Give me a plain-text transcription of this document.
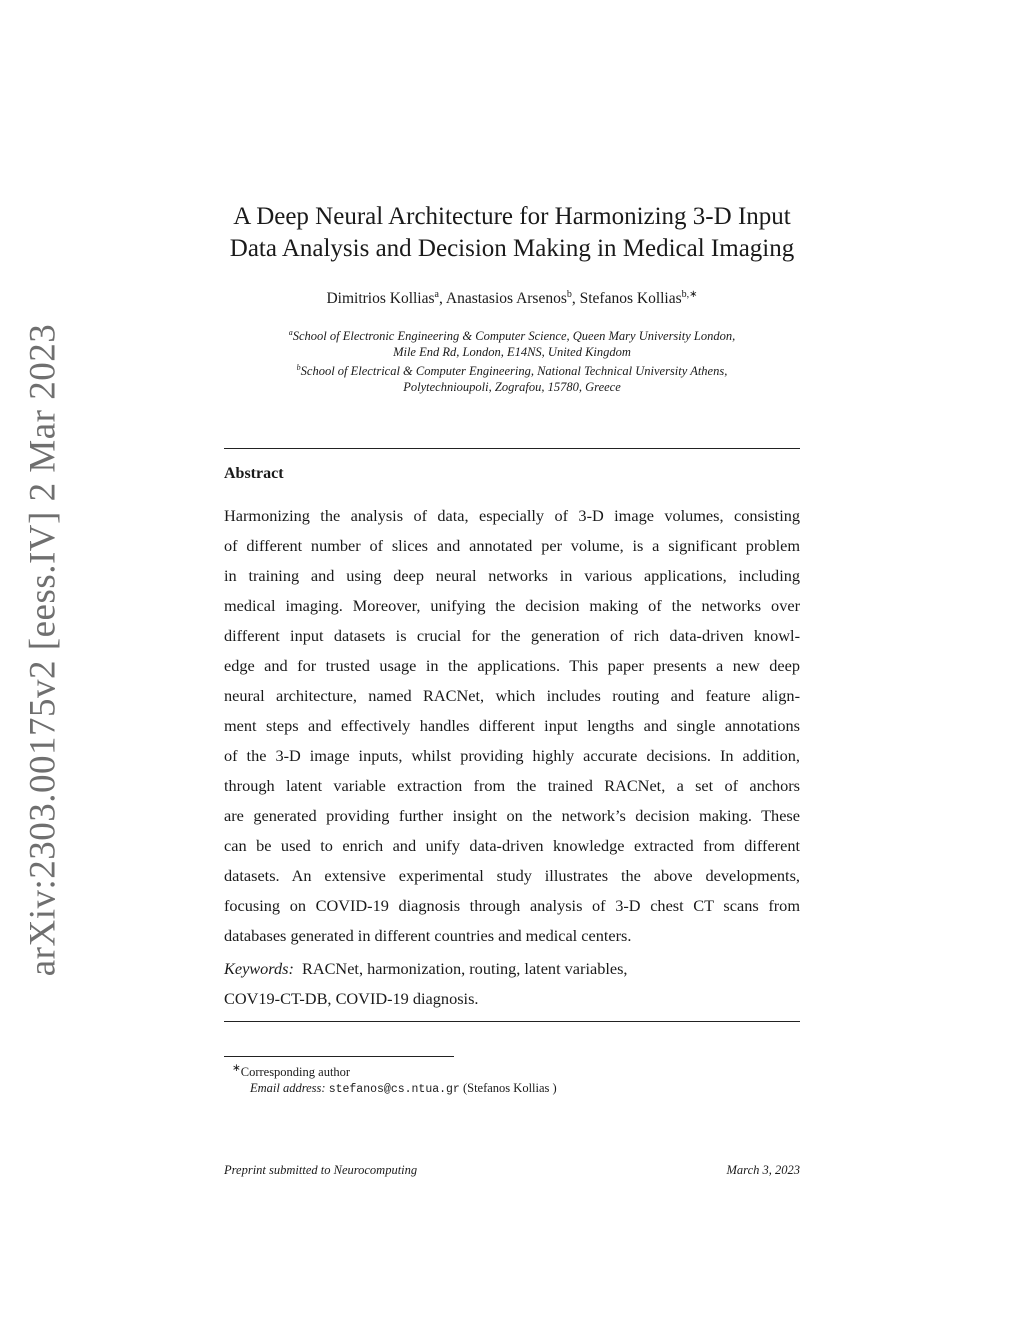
arXiv:2303.00175v2 [eess.IV] 2 Mar 2023
A Deep Neural Architecture for Harmonizing 3-D Input
Data Analysis and Decision Making in Medical Imaging
Dimitrios Kollias$^a$, Anastasios Arsenos$^b$, Stefanos Kollias$^{b,∗}$
$^a$School of Electronic Engineering & Computer Science, Queen Mary University London,
Mile End Rd, London, E14NS, United Kingdom
$^b$School of Electrical & Computer Engineering, National Technical University Athens,
Polytechnioupoli, Zografou, 15780, Greece
Abstract
Harmonizing the analysis of data, especially of 3-D image volumes, consisting
of different number of slices and annotated per volume, is a significant problem
in training and using deep neural networks in various applications, including
medical imaging. Moreover, unifying the decision making of the networks over
different input datasets is crucial for the generation of rich data-driven knowl-
edge and for trusted usage in the applications. This paper presents a new deep
neural architecture, named RACNet, which includes routing and feature align-
ment steps and effectively handles different input lengths and single annotations
of the 3-D image inputs, whilst providing highly accurate decisions. In addition,
through latent variable extraction from the trained RACNet, a set of anchors
are generated providing further insight on the network’s decision making. These
can be used to enrich and unify data-driven knowledge extracted from different
datasets. An extensive experimental study illustrates the above developments,
focusing on COVID-19 diagnosis through analysis of 3-D chest CT scans from
databases generated in different countries and medical centers.
Keywords: RACNet, harmonization, routing, latent variables,
COV19-CT-DB, COVID-19 diagnosis.
∗Corresponding author
Email address: stefanos@cs.ntua.gr (Stefanos Kollias )
Preprint submitted to Neurocomputing	March 3, 2023
